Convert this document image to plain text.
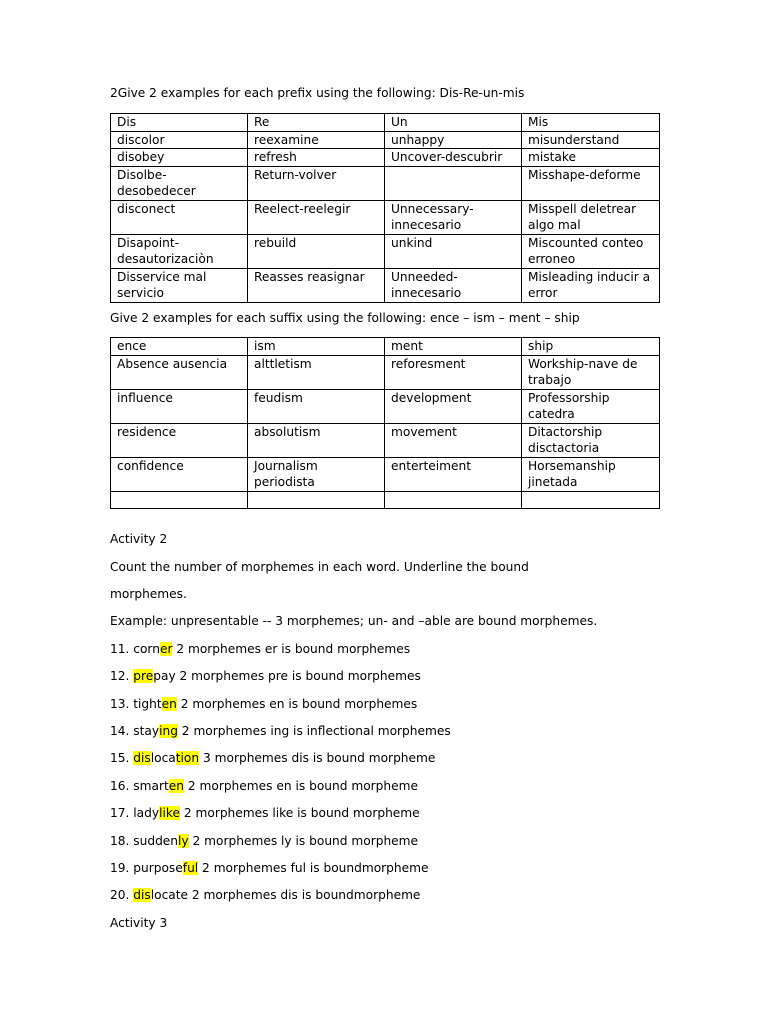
2Give 2 examples for each prefix using the following: Dis-Re-un-mis
Dis	Re	Un	Mis
discolor	reexamine	unhappy	misunderstand
disobey	refresh	Uncover-descubrir	mistake
Disolbe-desobedecer	Return-volver		Misshape-deforme
disconect	Reelect-reelegir	Unnecessary-innecesario	Misspell deletrear algo mal
Disapoint-desautorizaciòn	rebuild	unkind	Miscounted conteo erroneo
Disservice mal servicio	Reasses reasignar	Unneeded-innecesario	Misleading inducir a error
Give 2 examples for each suffix using the following: ence – ism – ment – ship
ence	ism	ment	ship
Absence ausencia	alttletism	reforesment	Workship-nave de trabajo
influence	feudism	development	Professorship catedra
residence	absolutism	movement	Ditactorship disctactoria
confidence	Journalism periodista	enterteiment	Horsemanship jinetada

Activity 2
Count the number of morphemes in each word. Underline the bound
morphemes.
Example: unpresentable -- 3 morphemes; un- and –able are bound morphemes.
11. corner 2 morphemes er is bound morphemes
12. prepay 2 morphemes pre is bound morphemes
13. tighten 2 morphemes en is bound morphemes
14. staying 2 morphemes ing is inflectional morphemes
15. dislocation 3 morphemes dis is bound morpheme
16. smarten 2 morphemes en is bound morpheme
17. ladylike 2 morphemes like is bound morpheme
18. suddenly 2 morphemes ly is bound morpheme
19. purposeful 2 morphemes ful is boundmorpheme
20. dislocate 2 morphemes dis is boundmorpheme
Activity 3
